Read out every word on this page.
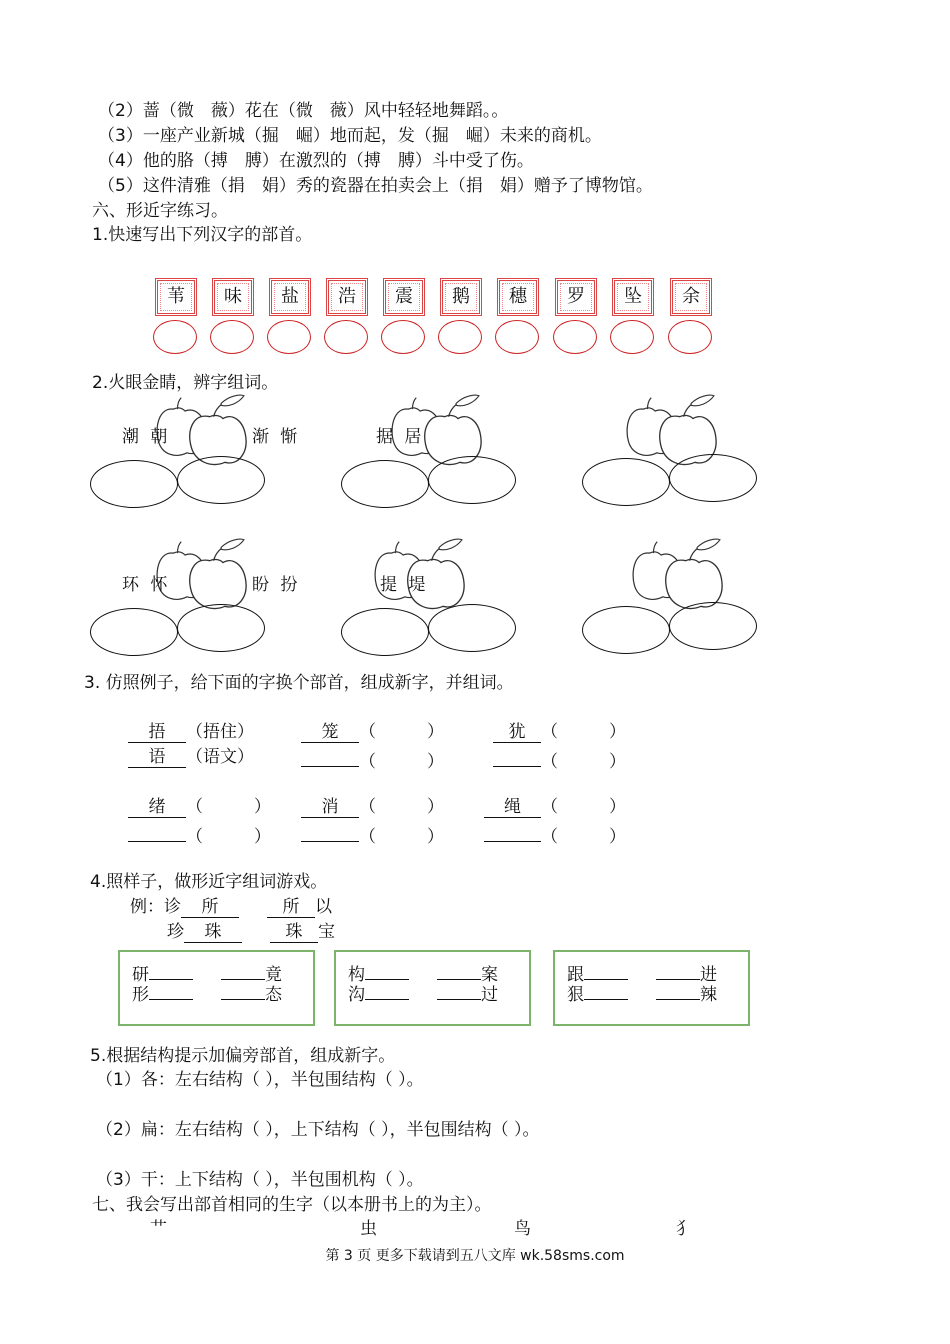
（2）蔷（微　薇）花在（微　薇）风中轻轻地舞蹈。。
（3）一座产业新城（掘　崛）地而起，发（掘　崛）未来的商机。
（4）他的胳（搏　膊）在激烈的（搏　膊）斗中受了伤。
（5）这件清雅（捐　娟）秀的瓷器在拍卖会上（捐　娟）赠予了博物馆。
六、形近字练习。
1.快速写出下列汉字的部首。
苇	味	盐	浩	震	鹅	穗	罗	坠	余
2.火眼金睛，辨字组词。
潮 朝	渐 惭	据 居
环 怀	盼 扮	提 堤
3. 仿照例子，给下面的字换个部首，组成新字，并组词。
捂 （捂住）	笼 （　　　）	犹 （　　　）
语 （语文）	（　　　）	（　　　）
绪 （　　　）	消 （　　　）	绳 （　　　）
（　　　）	（　　　）	（　　　）
4.照样子，做形近字组词游戏。
例：诊 所	所 以
珍 珠	珠 宝
研	竟
形	态
构	案
沟	过
跟	进
狠	辣
5.根据结构提示加偏旁部首，组成新字。
（1）各：左右结构（ ），半包围结构（ ）。
（2）扁：左右结构（ ），上下结构（ ），半包围结构（ ）。
（3）干：上下结构（ ），半包围机构（ ）。
七、我会写出部首相同的生字（以本册书上的为主）。
艹	虫	鸟	犭
第 3 页 更多下载请到五八文库 wk.58sms.com
